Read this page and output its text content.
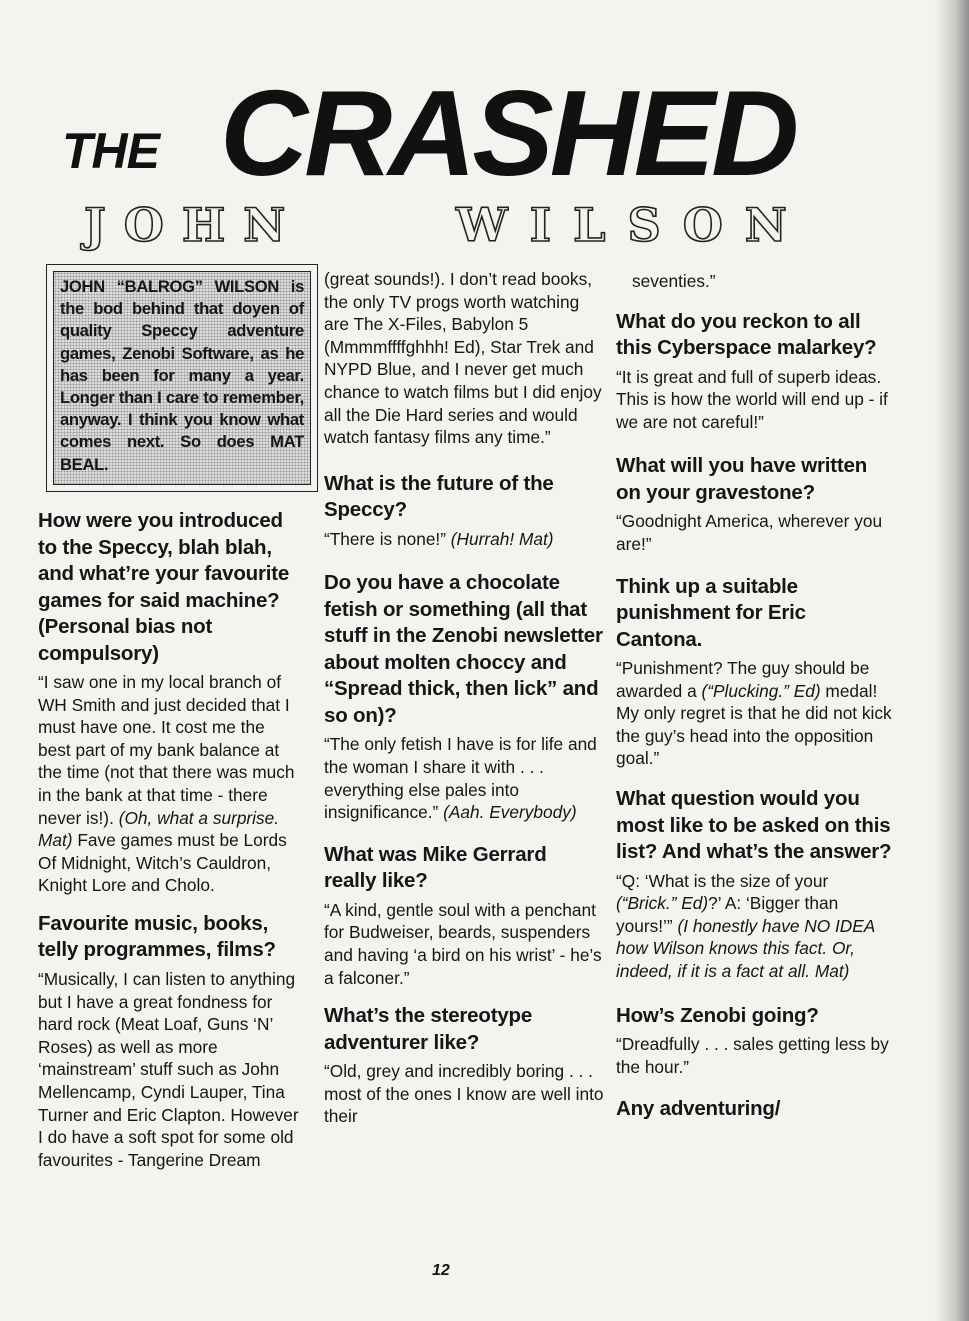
THE CRASHED
JOHN	WILSON
JOHN “BALROG” WILSON is the bod behind that doyen of quality Speccy adventure games, Zenobi Software, as he has been for many a year. Longer than I care to remember, anyway. I think you know what comes next. So does MAT BEAL.

How were you introduced to the Speccy, blah blah, and what’re your favourite games for said machine? (Personal bias not compulsory)

“I saw one in my local branch of WH Smith and just decided that I must have one. It cost me the best part of my bank balance at the time (not that there was much in the bank at that time - there never is!). (Oh, what a surprise. Mat) Fave games must be Lords Of Midnight, Witch’s Cauldron, Knight Lore and Cholo.

Favourite music, books, telly programmes, films?

“Musically, I can listen to anything but I have a great fondness for hard rock (Meat Loaf, Guns ‘N’ Roses) as well as more ‘mainstream’ stuff such as John Mellencamp, Cyndi Lauper, Tina Turner and Eric Clapton. However I do have a soft spot for some old favourites - Tangerine Dream

(great sounds!). I don’t read books, the only TV progs worth watching are The X-Files, Babylon 5 (Mmmmffffghhh! Ed), Star Trek and NYPD Blue, and I never get much chance to watch films but I did enjoy all the Die Hard series and would watch fantasy films any time.”

What is the future of the Speccy?

“There is none!” (Hurrah! Mat)

Do you have a chocolate fetish or something (all that stuff in the Zenobi newsletter about molten choccy and “Spread thick, then lick” and so on)?

“The only fetish I have is for life and the woman I share it with . . . everything else pales into insignificance.” (Aah. Everybody)

What was Mike Gerrard really like?

“A kind, gentle soul with a penchant for Budweiser, beards, suspenders and having ‘a bird on his wrist’ - he’s a falconer.”

What’s the stereotype adventurer like?

“Old, grey and incredibly boring . . . most of the ones I know are well into their

seventies.”

What do you reckon to all this Cyberspace malarkey?

“It is great and full of superb ideas. This is how the world will end up - if we are not careful!”

What will you have written on your gravestone?

“Goodnight America, wherever you are!”

Think up a suitable punishment for Eric Cantona.

“Punishment? The guy should be awarded a (“Plucking.” Ed) medal! My only regret is that he did not kick the guy’s head into the opposition goal.”

What question would you most like to be asked on this list? And what’s the answer?

“Q: ‘What is the size of your (“Brick.” Ed)?’ A: ‘Bigger than yours!’” (I honestly have NO IDEA how Wilson knows this fact. Or, indeed, if it is a fact at all. Mat)

How’s Zenobi going?

“Dreadfully . . . sales getting less by the hour.”

Any adventuring/

12
